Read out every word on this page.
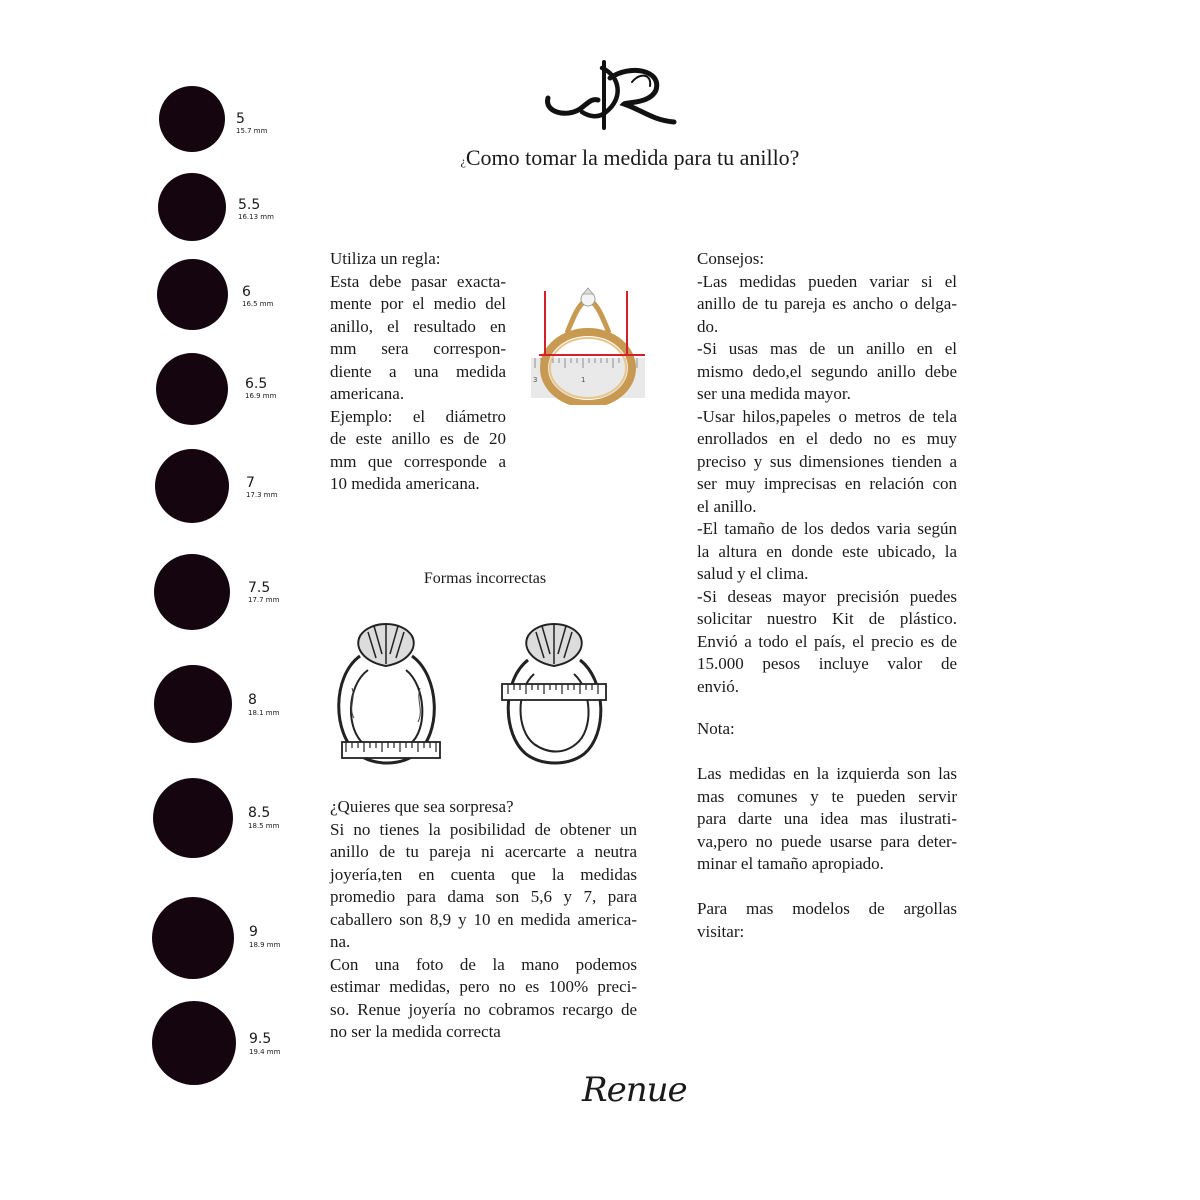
5
15.7 mm
5.5
16.13 mm
6
16.5 mm
6.5
16.9 mm
7
17.3 mm
7.5
17.7 mm
8
18.1 mm
8.5
18.5 mm
9
18.9 mm
9.5
19.4 mm
¿Como tomar la medida para tu anillo?

Utiliza un regla:

Esta debe pasar exacta-

mente por el medio del

anillo, el resultado en

mm sera correspon-

diente a una medida

americana.

Ejemplo: el diámetro

de este anillo es de 20

mm que corresponde a

10 medida americana.

3	1
Formas incorrectas

¿Quieres que sea sorpresa?

Si no tienes la posibilidad de obtener un

anillo de tu pareja ni acercarte a neutra

joyería,ten en cuenta que la medidas

promedio para dama son 5,6 y 7, para

caballero son 8,9 y 10 en medida america-

na.

Con una foto de la mano podemos

estimar medidas, pero no es 100% preci-

so. Renue joyería no cobramos recargo de

no ser la medida correcta

Consejos:

-Las medidas pueden variar si el

anillo de tu pareja es ancho o delga-

do.

-Si usas mas de un anillo en el

mismo dedo,el segundo anillo debe

ser una medida mayor.

-Usar hilos,papeles o metros de tela

enrollados en el dedo no es muy

preciso y sus dimensiones tienden a

ser muy imprecisas en relación con

el anillo.

-El tamaño de los dedos varia según

la altura en donde este ubicado, la

salud y el clima.

-Si deseas mayor precisión puedes

solicitar nuestro Kit de plástico.

Envió a todo el país, el precio es de

15.000 pesos incluye valor de

envió.

Nota:

Las medidas en la izquierda son las

mas comunes y te pueden servir

para darte una idea mas ilustrati-

va,pero no puede usarse para deter-

minar el tamaño apropiado.

Para mas modelos de argollas

visitar:

Renue
